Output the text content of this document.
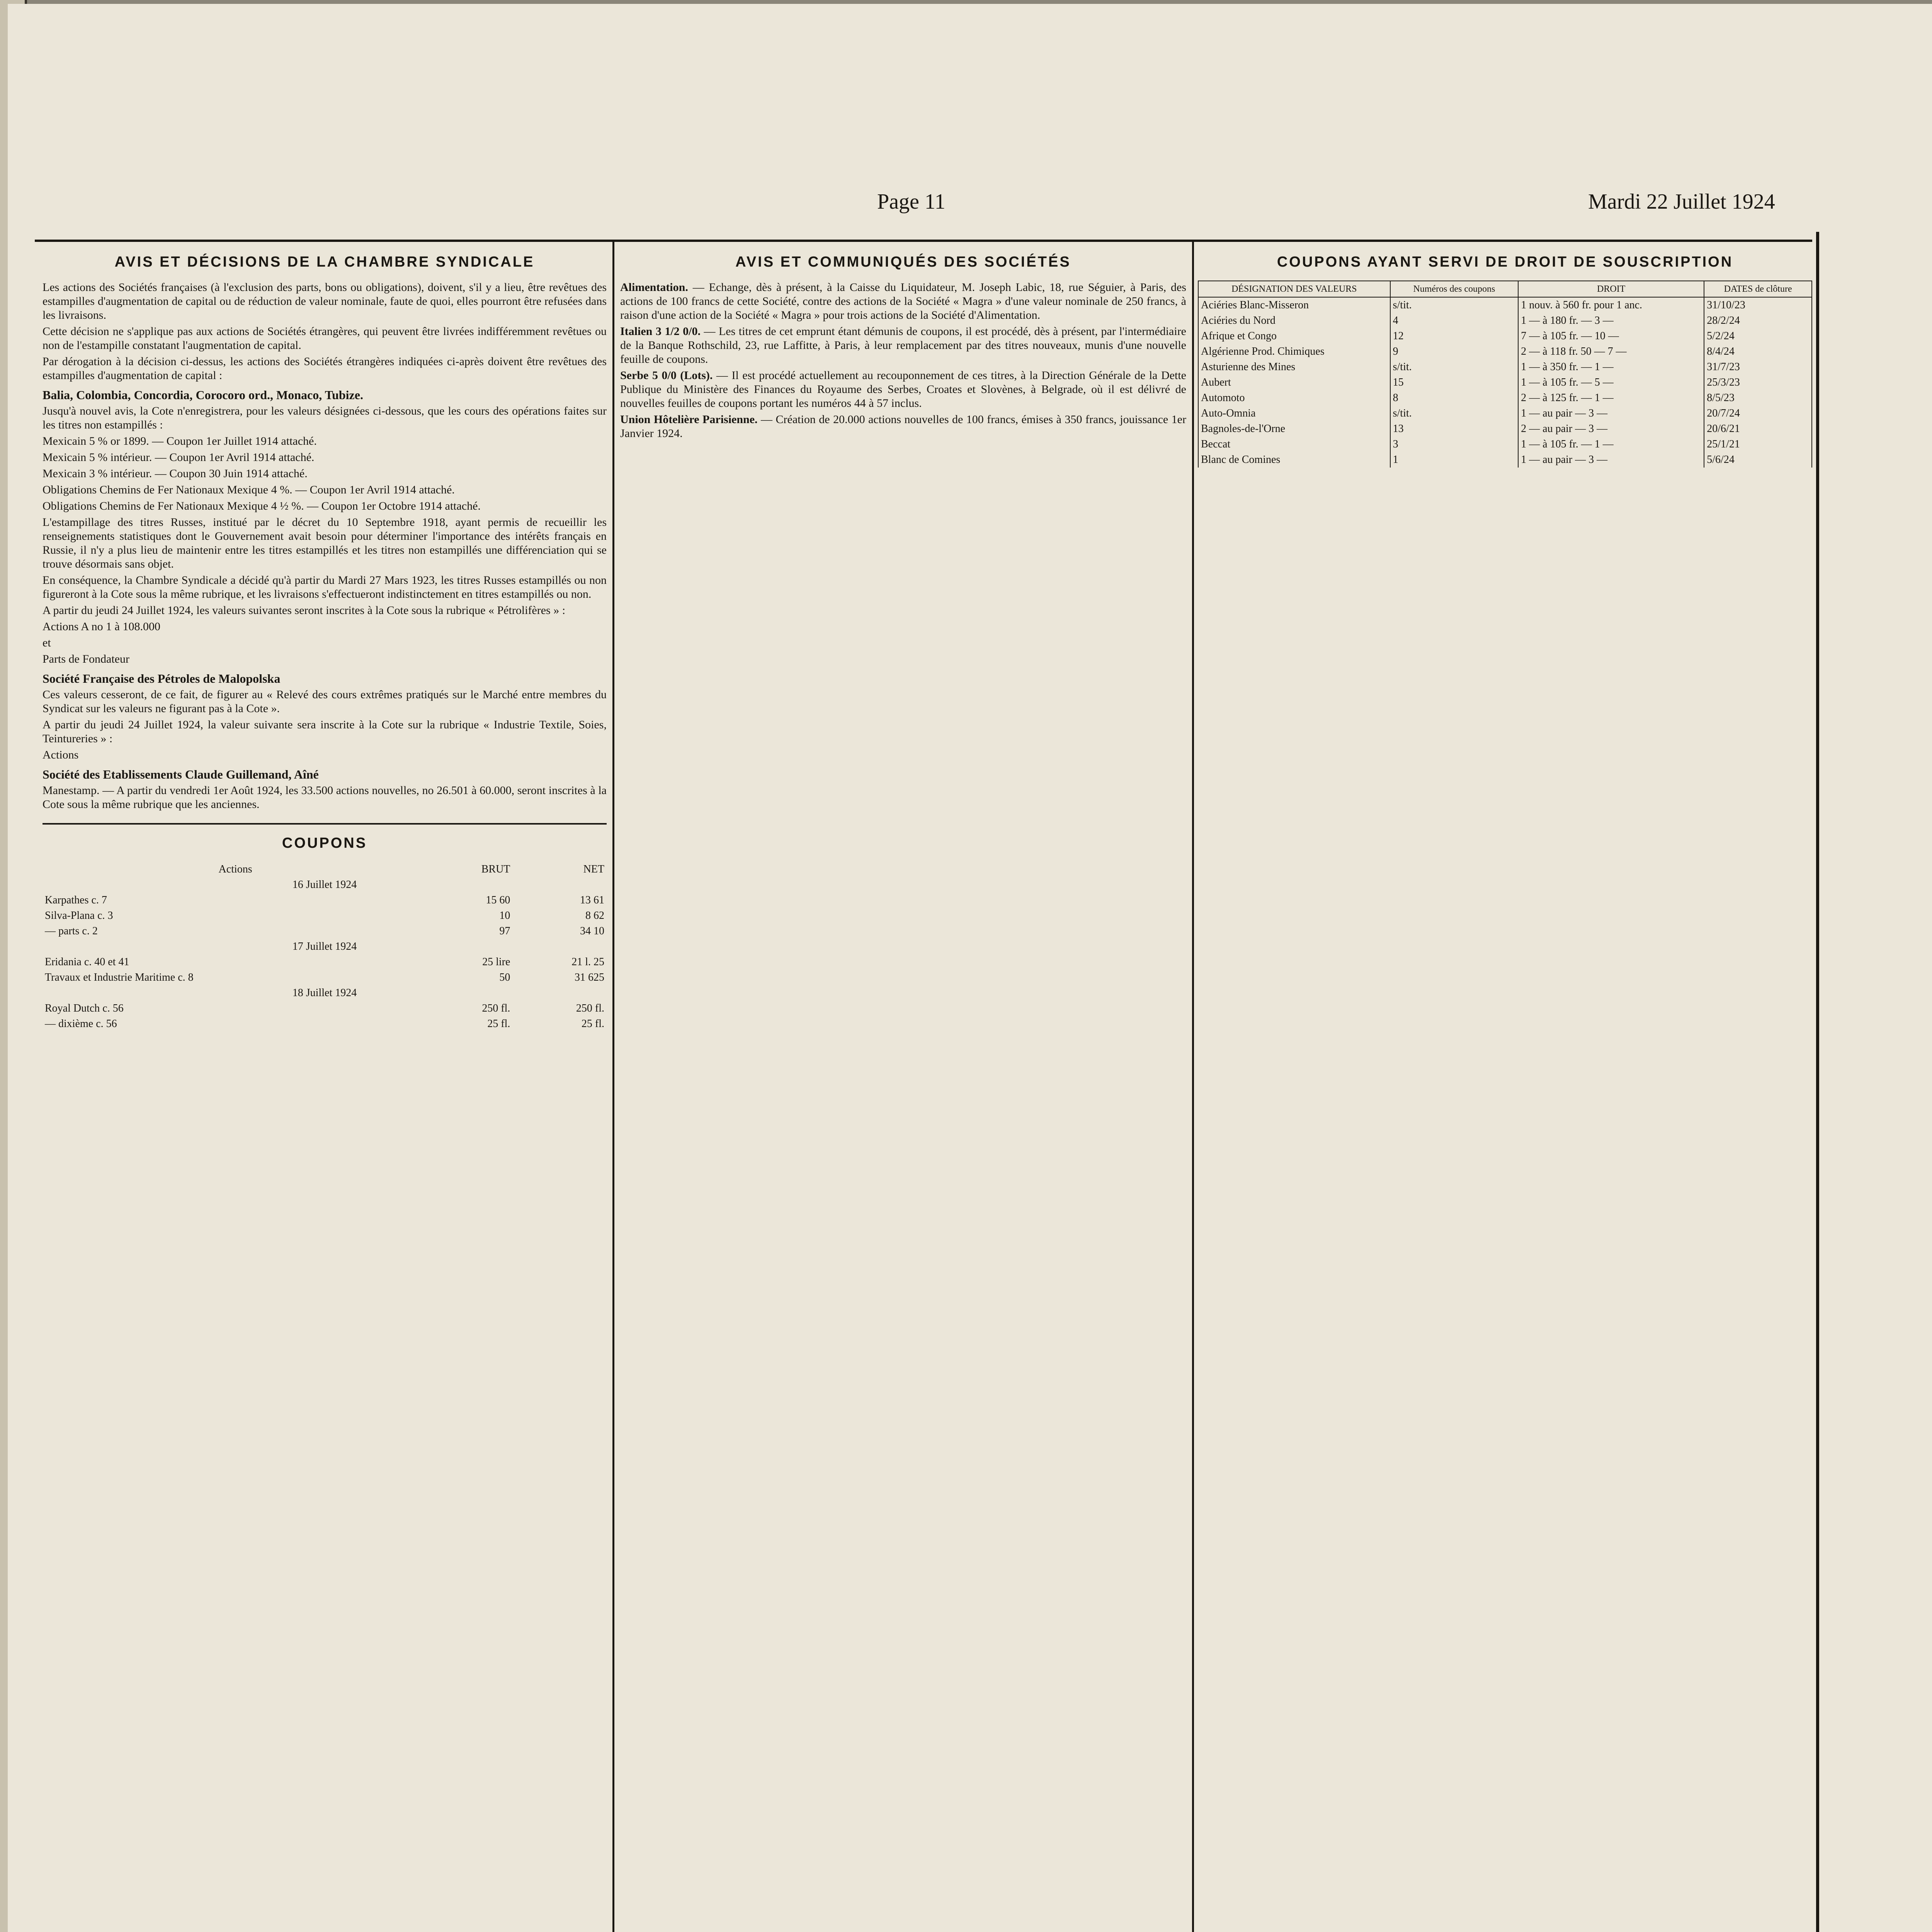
Page 11	Mardi 22 Juillet 1924
AVIS ET DÉCISIONS DE LA CHAMBRE SYNDICALE

Les actions des Sociétés françaises (à l'exclusion des parts, bons ou obligations), doivent, s'il y a lieu, être revêtues des estampilles d'augmentation de capital ou de réduction de valeur nominale, faute de quoi, elles pourront être refusées dans les livraisons.

Cette décision ne s'applique pas aux actions de Sociétés étrangères, qui peuvent être livrées indifféremment revêtues ou non de l'estampille constatant l'augmentation de capital.

Par dérogation à la décision ci-dessus, les actions des Sociétés étrangères indiquées ci-après doivent être revêtues des estampilles d'augmentation de capital :

Balia, Colombia, Concordia, Corocoro ord., Monaco, Tubize.

Jusqu'à nouvel avis, la Cote n'enregistrera, pour les valeurs désignées ci-dessous, que les cours des opérations faites sur les titres non estampillés :

Mexicain 5 % or 1899. — Coupon 1er Juillet 1914 attaché.

Mexicain 5 % intérieur. — Coupon 1er Avril 1914 attaché.

Mexicain 3 % intérieur. — Coupon 30 Juin 1914 attaché.

Obligations Chemins de Fer Nationaux Mexique 4 %. — Coupon 1er Avril 1914 attaché.

Obligations Chemins de Fer Nationaux Mexique 4 ½ %. — Coupon 1er Octobre 1914 attaché.

L'estampillage des titres Russes, institué par le décret du 10 Septembre 1918, ayant permis de recueillir les renseignements statistiques dont le Gouvernement avait besoin pour déterminer l'importance des intérêts français en Russie, il n'y a plus lieu de maintenir entre les titres estampillés et les titres non estampillés une différenciation qui se trouve désormais sans objet.

En conséquence, la Chambre Syndicale a décidé qu'à partir du Mardi 27 Mars 1923, les titres Russes estampillés ou non figureront à la Cote sous la même rubrique, et les livraisons s'effectueront indistinctement en titres estampillés ou non.

A partir du jeudi 24 Juillet 1924, les valeurs suivantes seront inscrites à la Cote sous la rubrique « Pétrolifères » :

Actions A no 1 à 108.000

et

Parts de Fondateur

Société Française des Pétroles de Malopolska

Ces valeurs cesseront, de ce fait, de figurer au « Relevé des cours extrêmes pratiqués sur le Marché entre membres du Syndicat sur les valeurs ne figurant pas à la Cote ».

A partir du jeudi 24 Juillet 1924, la valeur suivante sera inscrite à la Cote sur la rubrique « Industrie Textile, Soies, Teintureries » :

Actions

Société des Etablissements Claude Guillemand, Aîné

Manestamp. — A partir du vendredi 1er Août 1924, les 33.500 actions nouvelles, no 26.501 à 60.000, seront inscrites à la Cote sous la même rubrique que les anciennes.

COUPONS
Actions	BRUT	NET
16 Juillet 1924		
Karpathes c. 7	15 60	13 61
Silva-Plana c. 3	10	8 62
— parts c. 2	97	34 10
17 Juillet 1924		
Eridania c. 40 et 41	25 lire	21 l. 25
Travaux et Industrie Maritime c. 8	50	31 625
18 Juillet 1924		
Royal Dutch c. 56	250 fl.	250 fl.
— dixième c. 56	25 fl.	25 fl.
AVIS ET COMMUNIQUÉS DES SOCIÉTÉS

Alimentation. — Echange, dès à présent, à la Caisse du Liquidateur, M. Joseph Labic, 18, rue Séguier, à Paris, des actions de 100 francs de cette Société, contre des actions de la Société « Magra » d'une valeur nominale de 250 francs, à raison d'une action de la Société « Magra » pour trois actions de la Société d'Alimentation.

Italien 3 1/2 0/0. — Les titres de cet emprunt étant démunis de coupons, il est procédé, dès à présent, par l'intermédiaire de la Banque Rothschild, 23, rue Laffitte, à Paris, à leur remplacement par des titres nouveaux, munis d'une nouvelle feuille de coupons.

Serbe 5 0/0 (Lots). — Il est procédé actuellement au recouponnement de ces titres, à la Direction Générale de la Dette Publique du Ministère des Finances du Royaume des Serbes, Croates et Slovènes, à Belgrade, où il est délivré de nouvelles feuilles de coupons portant les numéros 44 à 57 inclus.

Union Hôtelière Parisienne. — Création de 20.000 actions nouvelles de 100 francs, émises à 350 francs, jouissance 1er Janvier 1924.

COUPONS AYANT SERVI DE DROIT DE SOUSCRIPTION
DÉSIGNATION DES VALEURS	Numéros des coupons	DROIT	DATES de clôture
Aciéries Blanc-Misseron	s/tit.	1 nouv. à 560 fr. pour 1 anc.	31/10/23
Aciéries du Nord	4	1 — à 180 fr. — 3 —	28/2/24
Afrique et Congo	12	7 — à 105 fr. — 10 —	5/2/24
Algérienne Prod. Chimiques	9	2 — à 118 fr. 50 — 7 —	8/4/24
Asturienne des Mines	s/tit.	1 — à 350 fr. — 1 —	31/7/23
Aubert	15	1 — à 105 fr. — 5 —	25/3/23
Automoto	8	2 — à 125 fr. — 1 —	8/5/23
Auto-Omnia	s/tit.	1 — au pair — 3 —	20/7/24
Bagnoles-de-l'Orne	13	2 — au pair — 3 —	20/6/21
Beccat	3	1 — à 105 fr. — 1 —	25/1/21
Blanc de Comines	1	1 — au pair — 3 —	5/6/24
